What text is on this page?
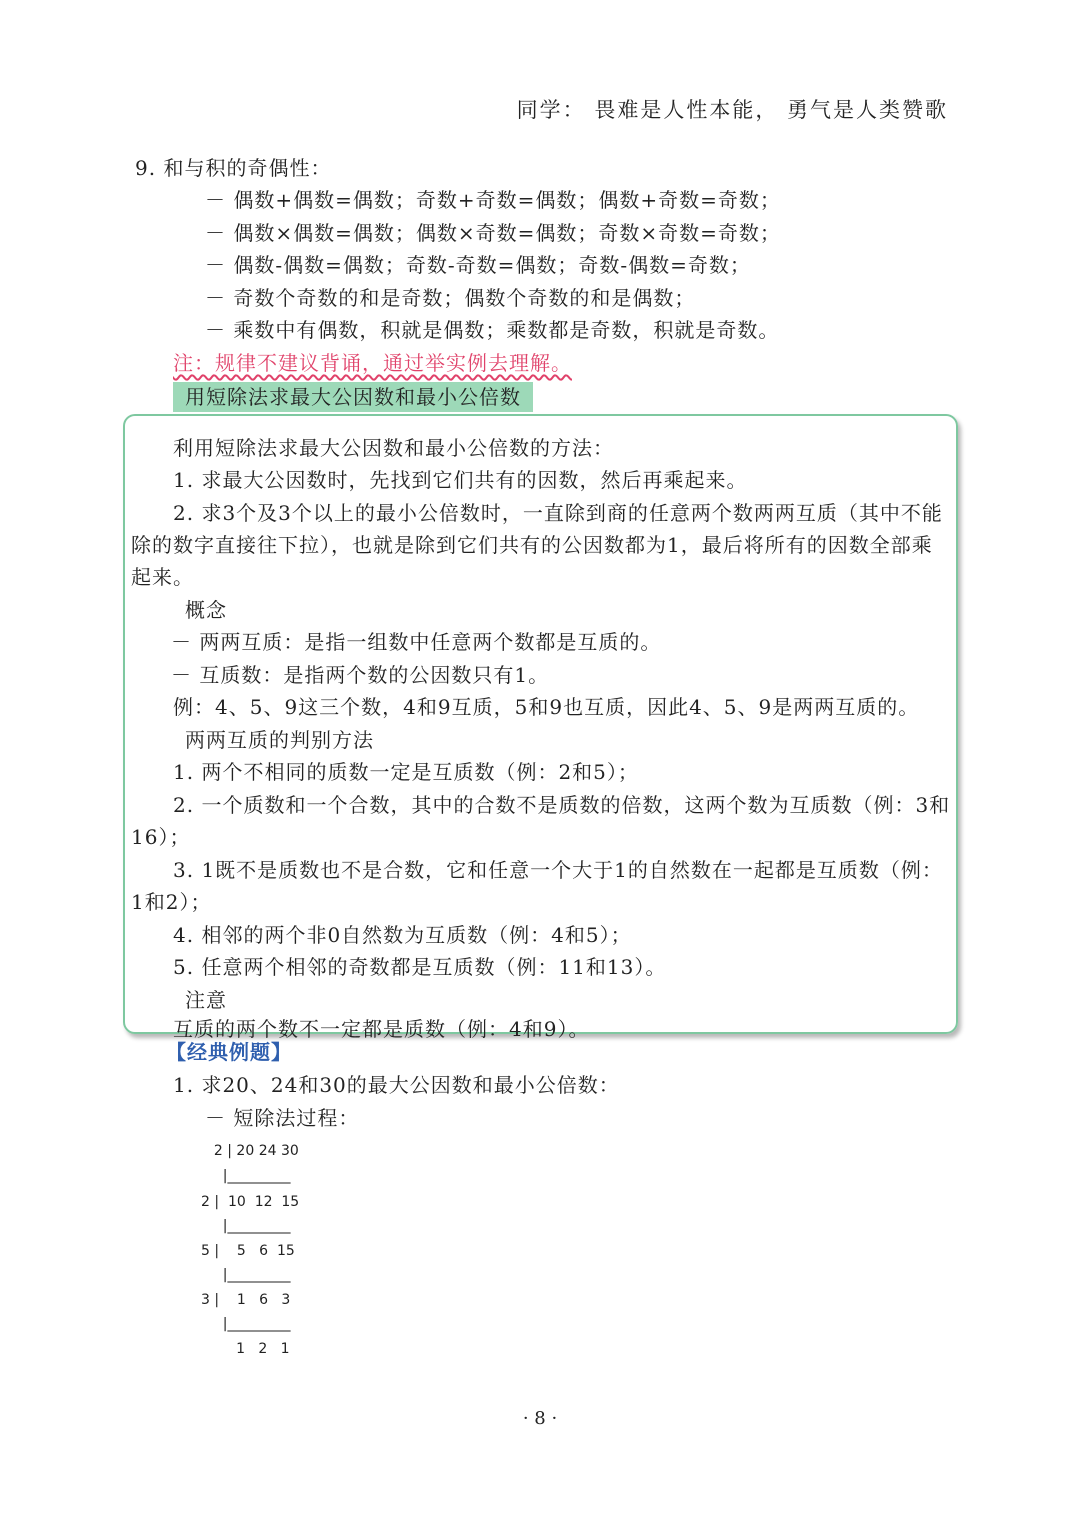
同学： 畏难是人性本能， 勇气是人类赞歌
9. 和与积的奇偶性：
－ 偶数+偶数=偶数；奇数+奇数=偶数；偶数+奇数=奇数；
－ 偶数×偶数=偶数；偶数×奇数=偶数；奇数×奇数=奇数；
－ 偶数-偶数=偶数；奇数-奇数=偶数；奇数-偶数=奇数；
－ 奇数个奇数的和是奇数；偶数个奇数的和是偶数；
－ 乘数中有偶数，积就是偶数；乘数都是奇数，积就是奇数。
注：规律不建议背诵，通过举实例去理解。
用短除法求最大公因数和最小公倍数
利用短除法求最大公因数和最小公倍数的方法：
1. 求最大公因数时，先找到它们共有的因数，然后再乘起来。
2. 求3个及3个以上的最小公倍数时，一直除到商的任意两个数两两互质（其中不能除的数字直接往下拉），也就是除到它们共有的公因数都为1，最后将所有的因数全部乘起来。
概念
－ 两两互质：是指一组数中任意两个数都是互质的。
－ 互质数：是指两个数的公因数只有1。
例：4、5、9这三个数，4和9互质，5和9也互质，因此4、5、9是两两互质的。
两两互质的判别方法
1. 两个不相同的质数一定是互质数（例：2和5）；
2. 一个质数和一个合数，其中的合数不是质数的倍数，这两个数为互质数（例：3和16）；
3. 1既不是质数也不是合数，它和任意一个大于1的自然数在一起都是互质数（例：1和2）；
4. 相邻的两个非0自然数为互质数（例：4和5）；
5. 任意两个相邻的奇数都是互质数（例：11和13）。
注意
互质的两个数不一定都是质数（例：4和9）。
【经典例题】
1. 求20、24和30的最大公因数和最小公倍数：
－ 短除法过程：
2 | 20 24 30
|_________
2 |  10  12  15
|_________
5 |    5   6  15
|_________
3 |    1   6   3
|_________
1   2   1
· 8 ·
